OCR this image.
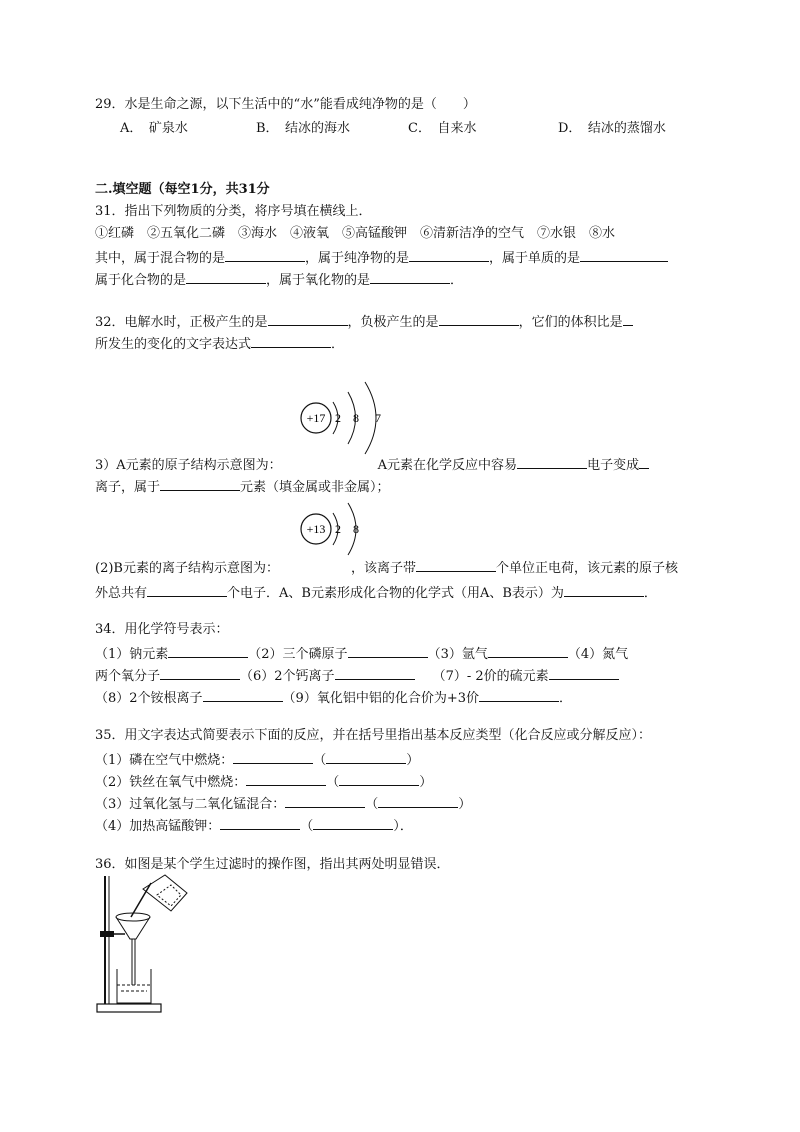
29．水是生命之源，以下生活中的“水”能看成纯净物的是（　　）
A．　矿泉水	B．　结冰的海水	C．　自来水	D．　结冰的蒸馏水
二.填空题（每空1分，共31分
31．指出下列物质的分类，将序号填在横线上．
①红磷　②五氧化二磷　③海水　④液氧　⑤高锰酸钾　⑥清新洁净的空气　⑦水银　⑧水
其中，属于混合物的是	，属于纯净物的是	，属于单质的是
属于化合物的是	，属于氧化物的是	．
32．电解水时，正极产生的是	，负极产生的是	，它们的体积比是
所发生的变化的文字表达式	．
+17 2 8 7
3）A元素的原子结构示意图为：	A元素在化学反应中容易	电子变成
离子，属于	元素（填金属或非金属）；
+13 2 8
(2)B元素的离子结构示意图为：	，该离子带	个单位正电荷，该元素的原子核
外总共有	个电子．A、B元素形成化合物的化学式（用A、B表示）为	．
34．用化学符号表示：
（1）钠元素	（2）三个磷原子	（3）氩气	（4）氮气
两个氧分子	（6）2个钙离子	（7）- 2价的硫元素
（8）2个铵根离子	（9）氧化铝中铝的化合价为+3价	．
35．用文字表达式简要表示下面的反应，并在括号里指出基本反应类型（化合反应或分解反应）：
（1）磷在空气中燃烧：	（	）
（2）铁丝在氧气中燃烧：	（	）
（3）过氧化氢与二氧化锰混合：	（	）
（4）加热高锰酸钾：	（	）．
36．如图是某个学生过滤时的操作图，指出其两处明显错误．
